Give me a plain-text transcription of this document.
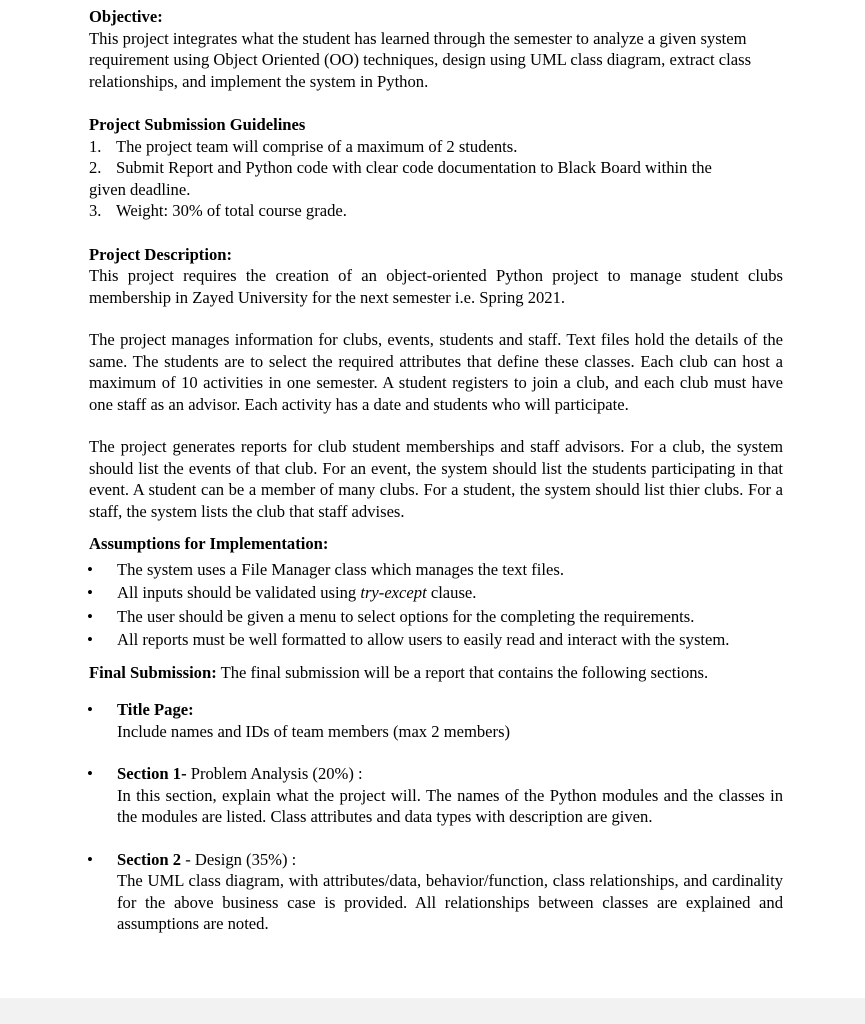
Objective:

This project integrates what the student has learned through the semester to analyze a given system requirement using Object Oriented (OO) techniques, design using UML class diagram, extract class relationships, and implement the system in Python.

Project Submission Guidelines

1. The project team will comprise of a maximum of 2 students.
2. Submit Report and Python code with clear code documentation to Black Board within the
given deadline.
3. Weight: 30% of total course grade.

Project Description:

This project requires the creation of an object-oriented Python project to manage student clubs membership in Zayed University for the next semester i.e. Spring 2021.

The project manages information for clubs, events, students and staff. Text files hold the details of the same. The students are to select the required attributes that define these classes. Each club can host a maximum of 10 activities in one semester. A student registers to join a club, and each club must have one staff as an advisor. Each activity has a date and students who will participate.

The project generates reports for club student memberships and staff advisors. For a club, the system should list the events of that club. For an event, the system should list the students participating in that event. A student can be a member of many clubs. For a student, the system should list thier clubs. For a staff, the system lists the club that staff advises.

Assumptions for Implementation:

• The system uses a File Manager class which manages the text files.
• All inputs should be validated using try-except clause.
• The user should be given a menu to select options for the completing the requirements.
• All reports must be well formatted to allow users to easily read and interact with the system.

Final Submission: The final submission will be a report that contains the following sections.

• Title Page:
Include names and IDs of team members (max 2 members)
• Section 1- Problem Analysis (20%) :

In this section, explain what the project will. The names of the Python modules and the classes in the modules are listed. Class attributes and data types with description are given.

• Section 2 - Design (35%) :

The UML class diagram, with attributes/data, behavior/function, class relationships, and cardinality for the above business case is provided. All relationships between classes are explained and assumptions are noted.
